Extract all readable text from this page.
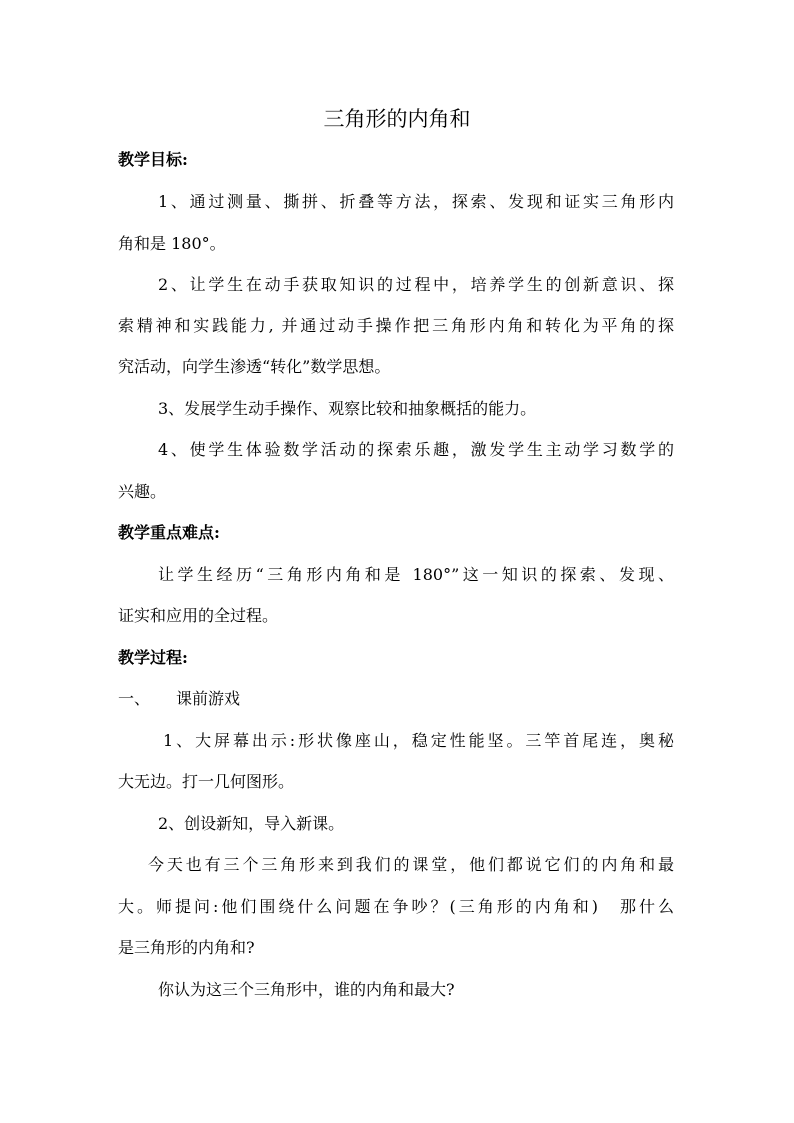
三角形的内角和
教学目标:
1、通过测量、撕拼、折叠等方法，探索、发现和证实三角形内
角和是 180°。
2、让学生在动手获取知识的过程中，培养学生的创新意识、探
索精神和实践能力, 并通过动手操作把三角形内角和转化为平角的探
究活动，向学生渗透“转化”数学思想。
3、发展学生动手操作、观察比较和抽象概括的能力。
4、使学生体验数学活动的探索乐趣，激发学生主动学习数学的
兴趣。
教学重点难点:
让学生经历“三角形内角和是 180°”这一知识的探索、发现、
证实和应用的全过程。
教学过程:
一、 课前游戏
1、大屏幕出示:形状像座山，稳定性能坚。三竿首尾连，奥秘
大无边。打一几何图形。
2、创设新知，导入新课。
今天也有三个三角形来到我们的课堂，他们都说它们的内角和最
大。师提问:他们围绕什么问题在争吵？(三角形的内角和)　那什么
是三角形的内角和?
你认为这三个三角形中，谁的内角和最大?
